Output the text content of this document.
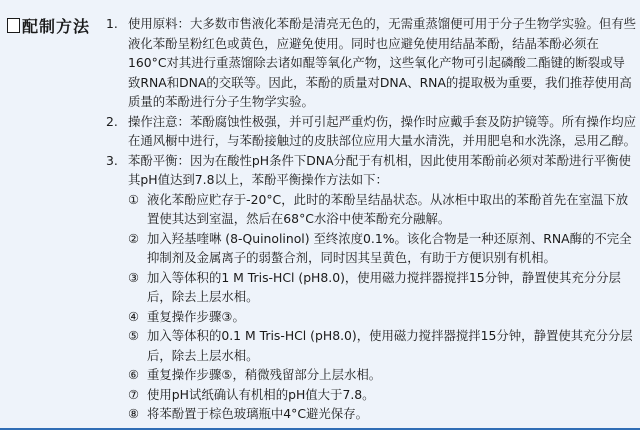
配制方法 1. 使用原料：大多数市售液化苯酚是清亮无色的，无需重蒸馏便可用于分子生物学实验。但有些液化苯酚呈粉红色或黄色，应避免使用。同时也应避免使用结晶苯酚，结晶苯酚必须在160°C对其进行重蒸馏除去诸如醌等氧化产物，这些氧化产物可引起磷酸二酯键的断裂或导致RNA和DNA的交联等。因此，苯酚的质量对DNA、RNA的提取极为重要，我们推荐使用高质量的苯酚进行分子生物学实验。

2. 操作注意：苯酚腐蚀性极强，并可引起严重灼伤，操作时应戴手套及防护镜等。所有操作均应在通风橱中进行，与苯酚接触过的皮肤部位应用大量水清洗，并用肥皂和水洗涤，忌用乙醇。

3. 苯酚平衡：因为在酸性pH条件下DNA分配于有机相，因此使用苯酚前必须对苯酚进行平衡使其pH值达到7.8以上，苯酚平衡操作方法如下：

① 液化苯酚应贮存于-20°C，此时的苯酚呈结晶状态。从冰柜中取出的苯酚首先在室温下放置使其达到室温，然后在68°C水浴中使苯酚充分融解。
② 加入羟基喹啉 (8-Quinolinol) 至终浓度0.1%。该化合物是一种还原剂、RNA酶的不完全抑制剂及金属离子的弱螯合剂，同时因其呈黄色，有助于方便识别有机相。
③ 加入等体积的1 M Tris-HCl (pH8.0)，使用磁力搅拌器搅拌15分钟，静置使其充分分层后，除去上层水相。
④ 重复操作步骤③。
⑤ 加入等体积的0.1 M Tris-HCl (pH8.0)，使用磁力搅拌器搅拌15分钟，静置使其充分分层后，除去上层水相。
⑥ 重复操作步骤⑤，稍微残留部分上层水相。
⑦ 使用pH试纸确认有机相的pH值大于7.8。
⑧ 将苯酚置于棕色玻璃瓶中4°C避光保存。
